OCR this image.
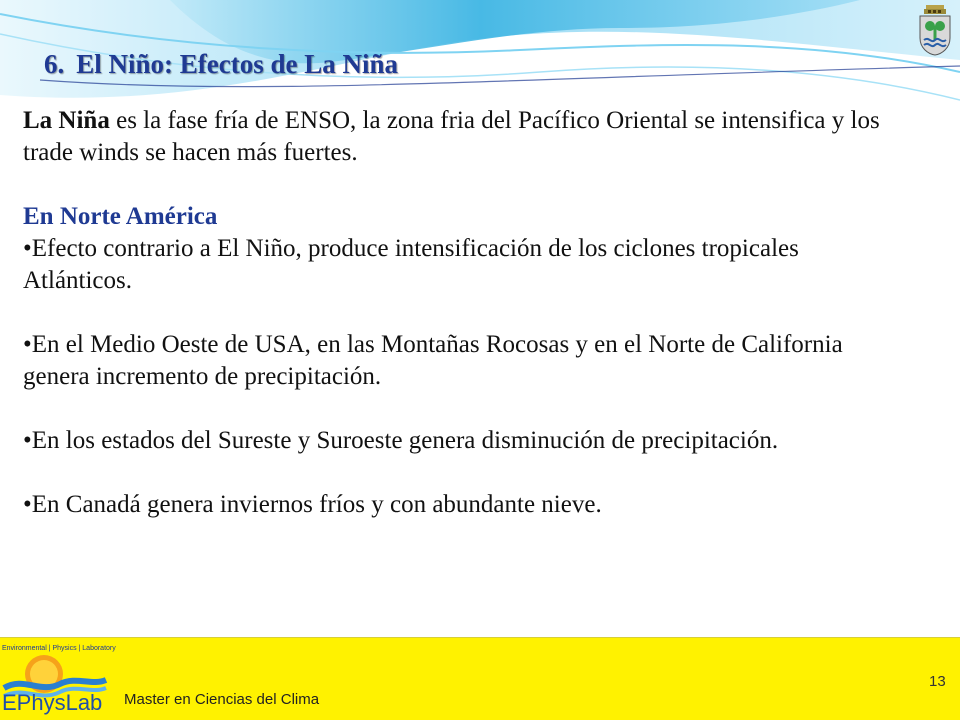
6. El Niño: Efectos de La Niña

La Niña es la fase fría de ENSO, la zona fria del Pacífico Oriental se intensifica y los trade winds se hacen más fuertes.

En Norte América

•Efecto contrario a El Niño, produce intensificación de los ciclones tropicales Atlánticos.

•En el Medio Oeste de USA, en las Montañas Rocosas y en el Norte de California genera incremento de precipitación.

•En los estados del Sureste y Suroeste genera disminución de precipitación.

•En Canadá genera inviernos fríos y con abundante nieve.

Environmental | Physics | Laboratory
EPhysLab Master en Ciencias del Clima
13
